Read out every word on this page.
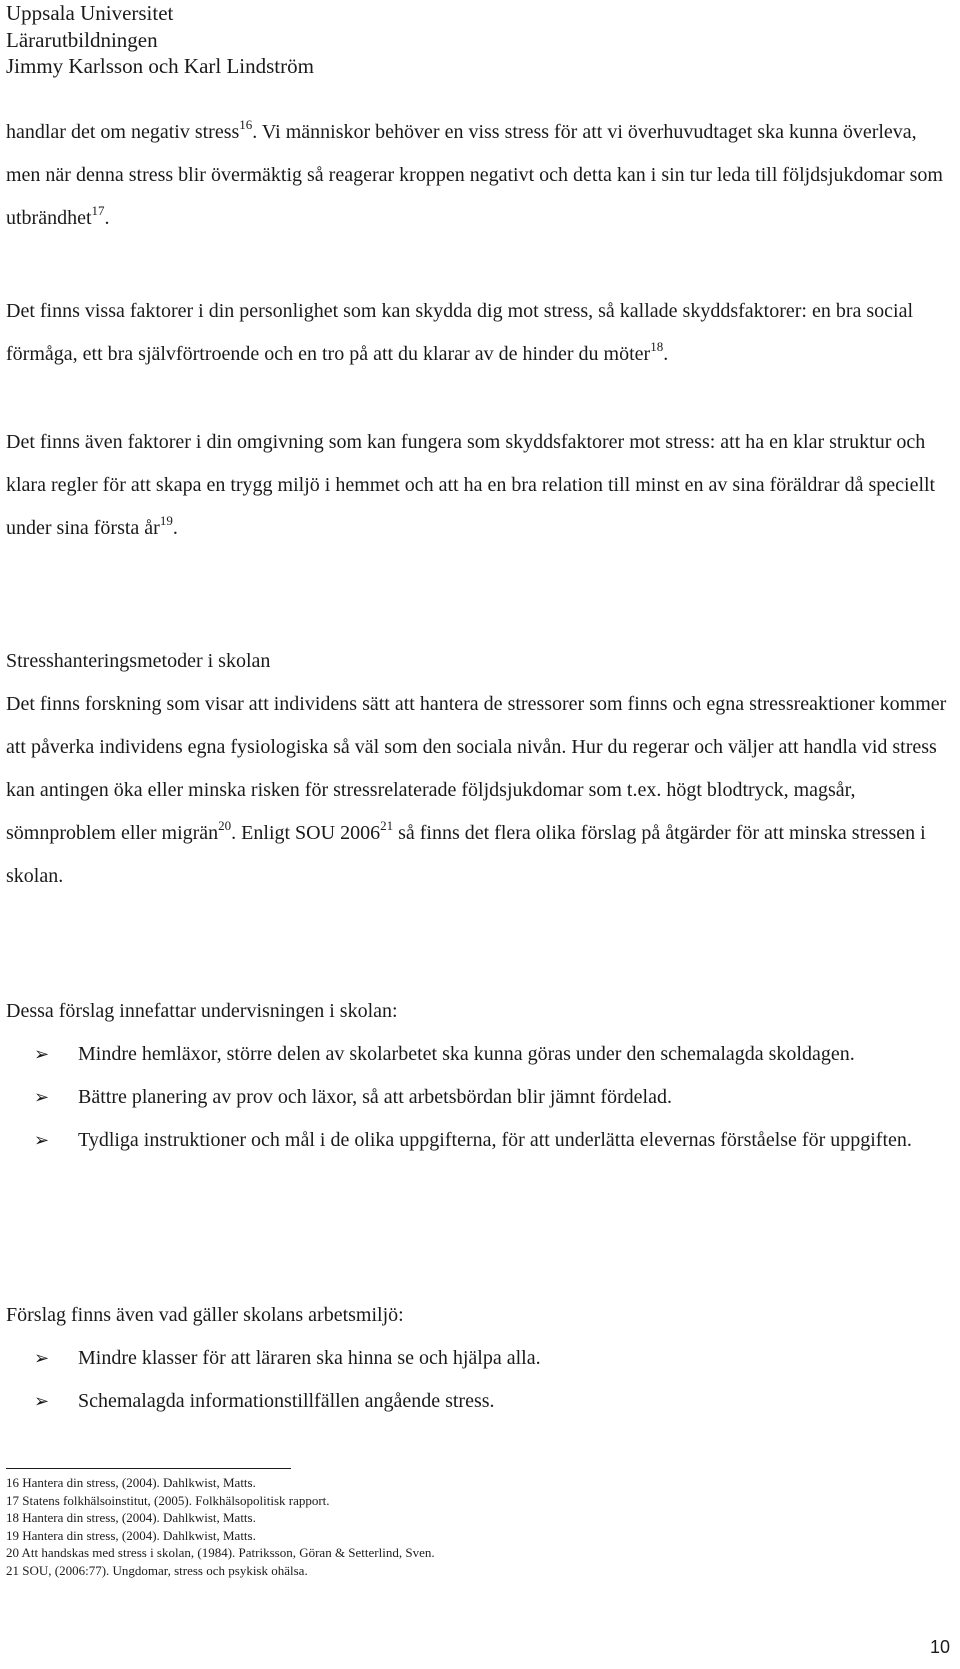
Uppsala Universitet
Lärarutbildningen
Jimmy Karlsson och Karl Lindström
handlar det om negativ stress$^{16}$. Vi människor behöver en viss stress för att vi överhuvudtaget ska kunna överleva, men när denna stress blir övermäktig så reagerar kroppen negativt och detta kan i sin tur leda till följdsjukdomar som utbrändhet$^{17}$.
Det finns vissa faktorer i din personlighet som kan skydda dig mot stress, så kallade skyddsfaktorer: en bra social förmåga, ett bra självförtroende och en tro på att du klarar av de hinder du möter$^{18}$.
Det finns även faktorer i din omgivning som kan fungera som skyddsfaktorer mot stress: att ha en klar struktur och klara regler för att skapa en trygg miljö i hemmet och att ha en bra relation till minst en av sina föräldrar då speciellt under sina första $år^{19}$.
Stresshanteringsmetoder i skolan
Det finns forskning som visar att individens sätt att hantera de stressorer som finns och egna stressreaktioner kommer att påverka individens egna fysiologiska så väl som den sociala nivån. Hur du regerar och väljer att handla vid stress kan antingen öka eller minska risken för stressrelaterade följdsjukdomar som t.ex. högt blodtryck, magsår, sömnproblem eller migrän$^{20}$. Enligt SOU 2006$^{21}$ så finns det flera olika förslag på åtgärder för att minska stressen i skolan.
Dessa förslag innefattar undervisningen i skolan:
➢ Mindre hemläxor, större delen av skolarbetet ska kunna göras under den schemalagda skoldagen.
➢ Bättre planering av prov och läxor, så att arbetsbördan blir jämnt fördelad.
➢ Tydliga instruktioner och mål i de olika uppgifterna, för att underlätta elevernas förståelse för uppgiften.
Förslag finns även vad gäller skolans arbetsmiljö:
➢ Mindre klasser för att läraren ska hinna se och hjälpa alla.
➢ Schemalagda informationstillfällen angående stress.
16 Hantera din stress, (2004). Dahlkwist, Matts.
17 Statens folkhälsoinstitut, (2005). Folkhälsopolitisk rapport.
18 Hantera din stress, (2004). Dahlkwist, Matts.
19 Hantera din stress, (2004). Dahlkwist, Matts.
20 Att handskas med stress i skolan, (1984). Patriksson, Göran & Setterlind, Sven.
21 SOU, (2006:77). Ungdomar, stress och psykisk ohälsa.
10
